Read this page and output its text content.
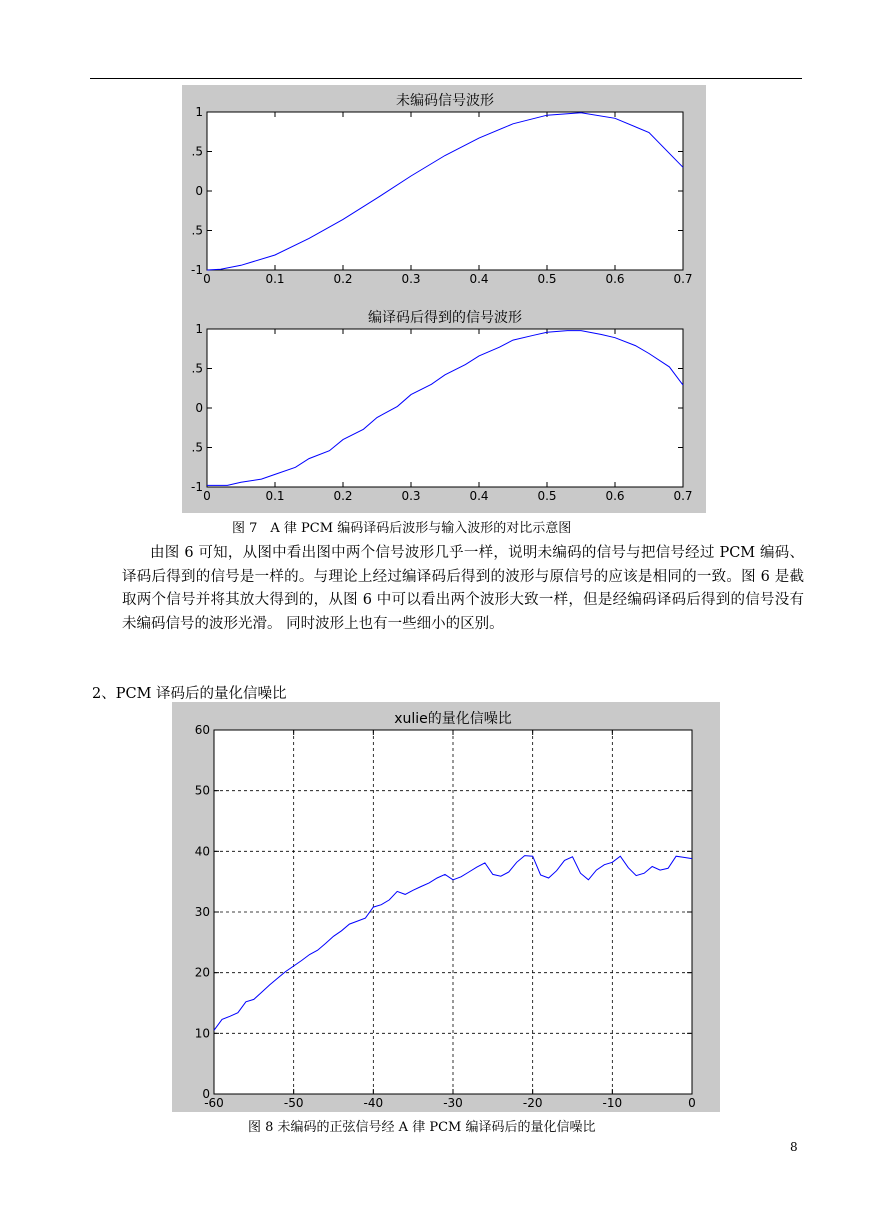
未编码信号波形
0	0.1	0.2	0.3	0.4	0.5	0.6	0.7
-1
.5
0
.5
1
编译码后得到的信号波形
0	0.1	0.2	0.3	0.4	0.5	0.6	0.7
-1
.5
0
.5
1
图 7　A 律 PCM 编码译码后波形与输入波形的对比示意图

由图 6 可知，从图中看出图中两个信号波形几乎一样，说明未编码的信号与把信号经过 PCM 编码、译码后得到的信号是一样的。与理论上经过编译码后得到的波形与原信号的应该是相同的一致。图 6 是截取两个信号并将其放大得到的，从图 6 中可以看出两个波形大致一样，但是经编码译码后得到的信号没有未编码信号的波形光滑。 同时波形上也有一些细小的区别。

2、PCM 译码后的量化信噪比
xulie的量化信噪比
-60	-50	-40	-30	-20	-10	0
0
10
20
30
40
50
60
图 8 未编码的正弦信号经 A 律 PCM 编译码后的量化信噪比
8
